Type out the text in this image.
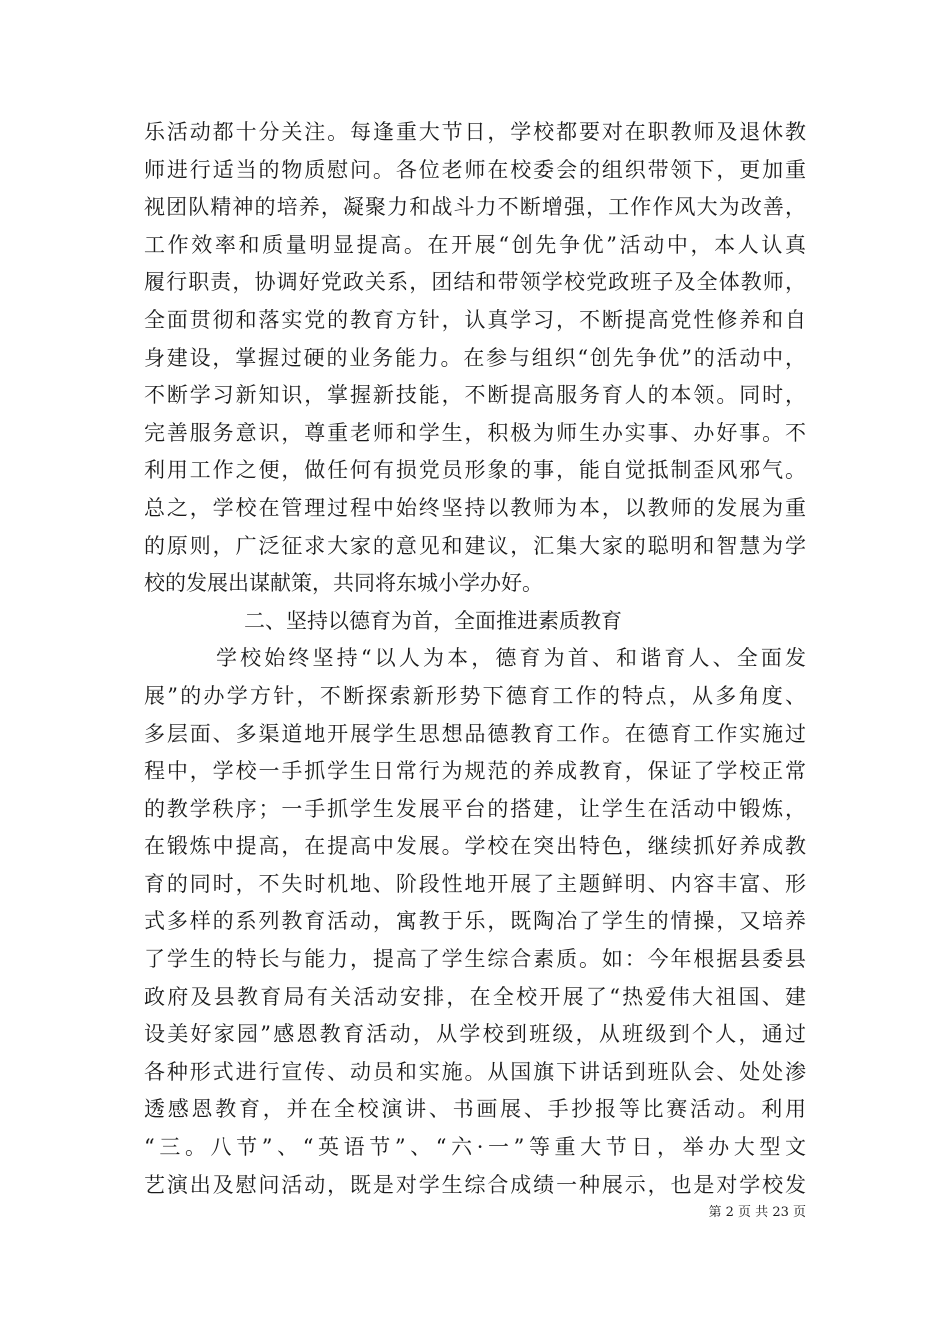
乐活动都十分关注。每逢重大节日，学校都要对在职教师及退休教
师进行适当的物质慰问。各位老师在校委会的组织带领下，更加重
视团队精神的培养，凝聚力和战斗力不断增强，工作作风大为改善，
工作效率和质量明显提高。在开展“创先争优”活动中，本人认真
履行职责，协调好党政关系，团结和带领学校党政班子及全体教师，
全面贯彻和落实党的教育方针，认真学习，不断提高党性修养和自
身建设，掌握过硬的业务能力。在参与组织“创先争优”的活动中，
不断学习新知识，掌握新技能，不断提高服务育人的本领。同时，
完善服务意识，尊重老师和学生，积极为师生办实事、办好事。不
利用工作之便，做任何有损党员形象的事，能自觉抵制歪风邪气。
总之，学校在管理过程中始终坚持以教师为本，以教师的发展为重
的原则，广泛征求大家的意见和建议，汇集大家的聪明和智慧为学
校的发展出谋献策，共同将东城小学办好。
二、坚持以德育为首，全面推进素质教育
学校始终坚持“以人为本，德育为首、和谐育人、全面发
展”的办学方针，不断探索新形势下德育工作的特点，从多角度、
多层面、多渠道地开展学生思想品德教育工作。在德育工作实施过
程中，学校一手抓学生日常行为规范的养成教育，保证了学校正常
的教学秩序；一手抓学生发展平台的搭建，让学生在活动中锻炼，
在锻炼中提高，在提高中发展。学校在突出特色，继续抓好养成教
育的同时，不失时机地、阶段性地开展了主题鲜明、内容丰富、形
式多样的系列教育活动，寓教于乐，既陶冶了学生的情操，又培养
了学生的特长与能力，提高了学生综合素质。如：今年根据县委县
政府及县教育局有关活动安排，在全校开展了“热爱伟大祖国、建
设美好家园”感恩教育活动，从学校到班级，从班级到个人，通过
各种形式进行宣传、动员和实施。从国旗下讲话到班队会、处处渗
透感恩教育，并在全校演讲、书画展、手抄报等比赛活动。利用
“三。八节”、“英语节”、“六·一”等重大节日，举办大型文
艺演出及慰问活动，既是对学生综合成绩一种展示，也是对学校发
第 2 页 共 23 页
